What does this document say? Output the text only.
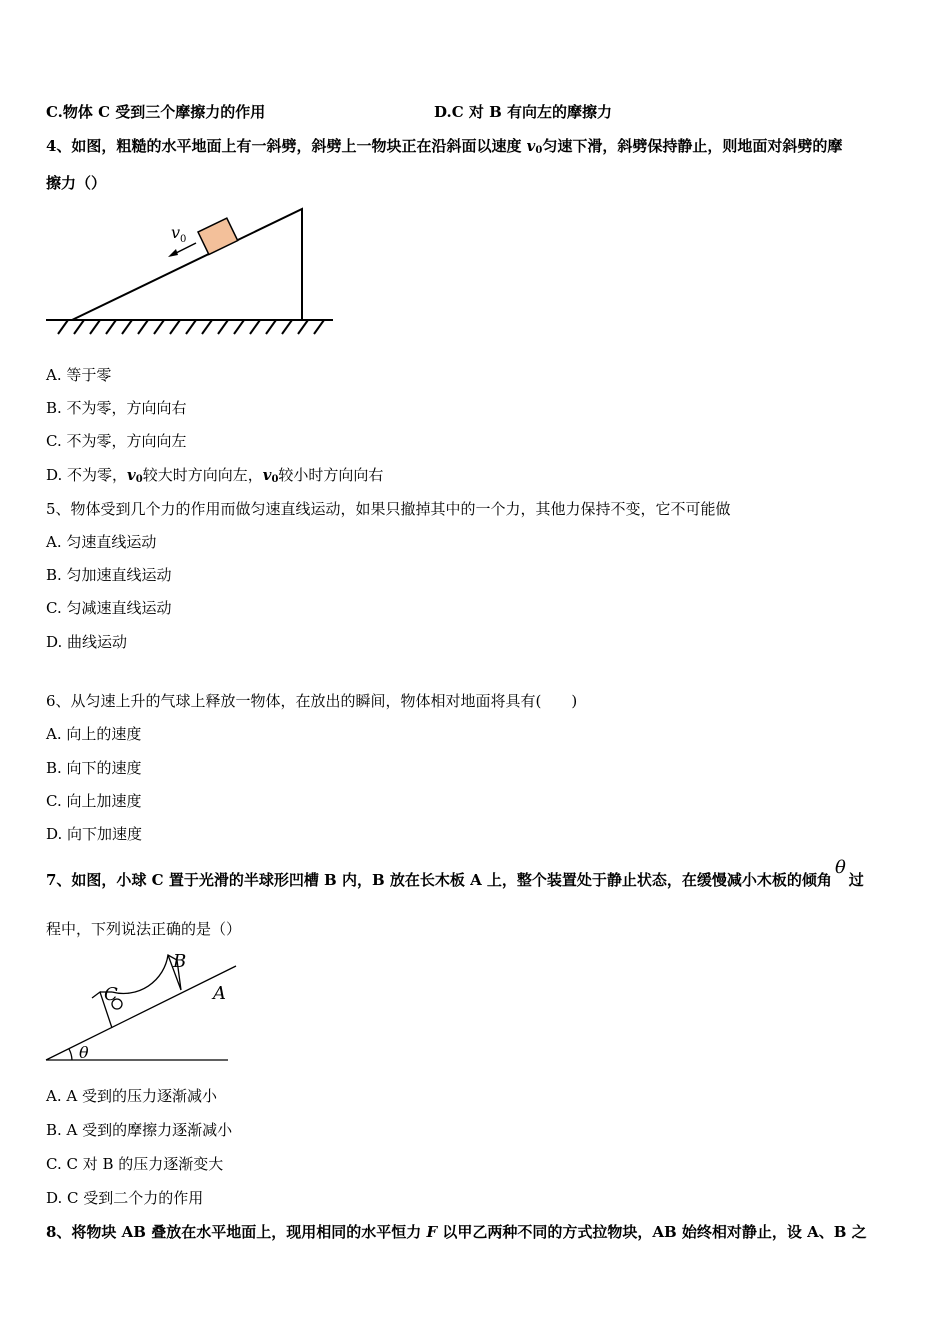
C.物体 C 受到三个摩擦力的作用	D.C 对 B 有向左的摩擦力
4、如图，粗糙的水平地面上有一斜劈，斜劈上一物块正在沿斜面以速度 $v_0$匀速下滑，斜劈保持静止，则地面对斜劈的摩
擦力（）
$v_0$
A. 等于零
B. 不为零，方向向右
C. 不为零，方向向左
D. 不为零，$v_0$较大时方向向左，$v_0$较小时方向向右
5、物体受到几个力的作用而做匀速直线运动，如果只撤掉其中的一个力，其他力保持不变，它不可能做
A. 匀速直线运动
B. 匀加速直线运动
C. 匀减速直线运动
D. 曲线运动
6、从匀速上升的气球上释放一物体，在放出的瞬间，物体相对地面将具有(　　)
A. 向上的速度
B. 向下的速度
C. 向上加速度
D. 向下加速度
7、如图，小球 C 置于光滑的半球形凹槽 B 内，B 放在长木板 A 上，整个装置处于静止状态，在缓慢减小木板的倾角θ过
程中，下列说法正确的是（）
C
B
A
θ
A. A 受到的压力逐渐减小
B. A 受到的摩擦力逐渐减小
C. C 对 B 的压力逐渐变大
D. C 受到二个力的作用
8、将物块 AB 叠放在水平地面上，现用相同的水平恒力 F 以甲乙两种不同的方式拉物块，AB 始终相对静止，设 A、B 之
